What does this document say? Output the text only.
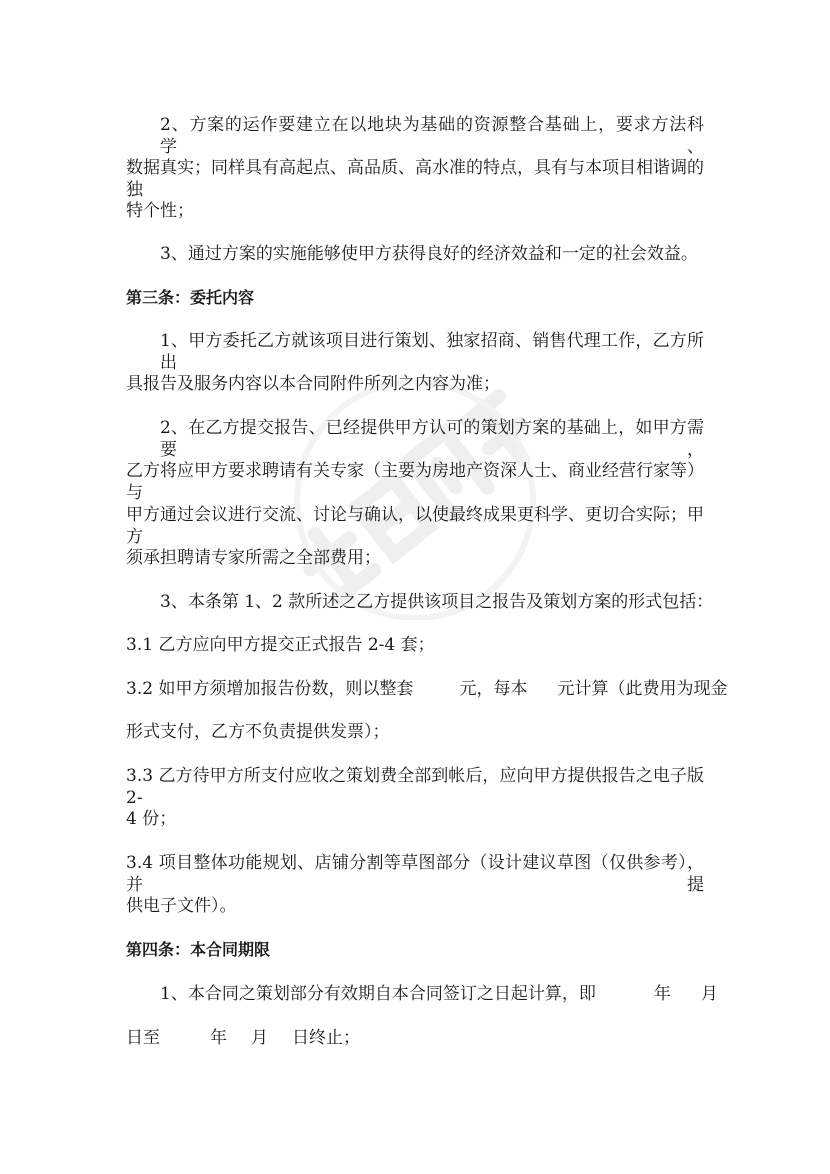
2、方案的运作要建立在以地块为基础的资源整合基础上，要求方法科学、
数据真实；同样具有高起点、高品质、高水准的特点，具有与本项目相谐调的独
特个性；
3、通过方案的实施能够使甲方获得良好的经济效益和一定的社会效益。
第三条：委托内容
1、甲方委托乙方就该项目进行策划、独家招商、销售代理工作，乙方所出
具报告及服务内容以本合同附件所列之内容为准；
2、在乙方提交报告、已经提供甲方认可的策划方案的基础上，如甲方需要，
乙方将应甲方要求聘请有关专家（主要为房地产资深人士、商业经营行家等）与
甲方通过会议进行交流、讨论与确认，以使最终成果更科学、更切合实际；甲方
须承担聘请专家所需之全部费用；
3、本条第 1、2 款所述之乙方提供该项目之报告及策划方案的形式包括：
3.1 乙方应向甲方提交正式报告 2-4 套；
3.2 如甲方须增加报告份数，则以整套	元，每本 元计算（此费用为现金
形式支付，乙方不负责提供发票）；
3.3 乙方待甲方所支付应收之策划费全部到帐后，应向甲方提供报告之电子版 2-
4 份；
3.4 项目整体功能规划、店铺分割等草图部分（设计建议草图（仅供参考），并提
供电子文件）。
第四条：本合同期限
1、本合同之策划部分有效期自本合同签订之日起计算，即	年 月
日至	年 月 日终止；
